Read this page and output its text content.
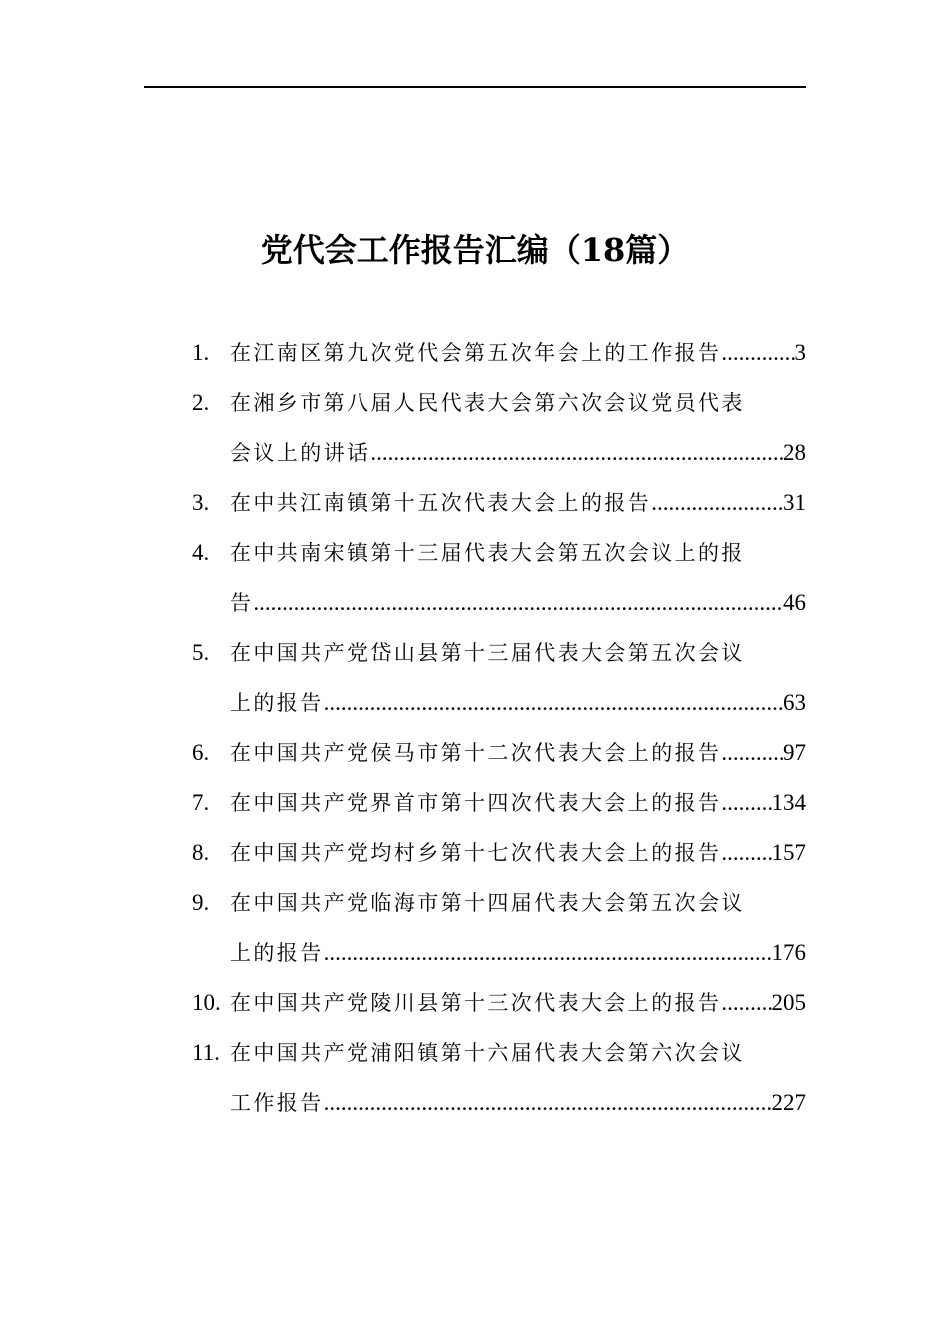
党代会工作报告汇编（18篇）
1. 在江南区第九次党代会第五次年会上的工作报告 .....	3
2. 在湘乡市第八届人民代表大会第六次会议党员代表
会议上的讲话 .....	28
3. 在中共江南镇第十五次代表大会上的报告 .....	31
4. 在中共南宋镇第十三届代表大会第五次会议上的报
告 .....	46
5. 在中国共产党岱山县第十三届代表大会第五次会议
上的报告 .....	63
6. 在中国共产党侯马市第十二次代表大会上的报告 .....	97
7. 在中国共产党界首市第十四次代表大会上的报告 ..... 134
8. 在中国共产党均村乡第十七次代表大会上的报告 ..... 157
9. 在中国共产党临海市第十四届代表大会第五次会议
上的报告 .....	176
10. 在中国共产党陵川县第十三次代表大会上的报告 ..... 205
11. 在中国共产党浦阳镇第十六届代表大会第六次会议
工作报告 .....	227
